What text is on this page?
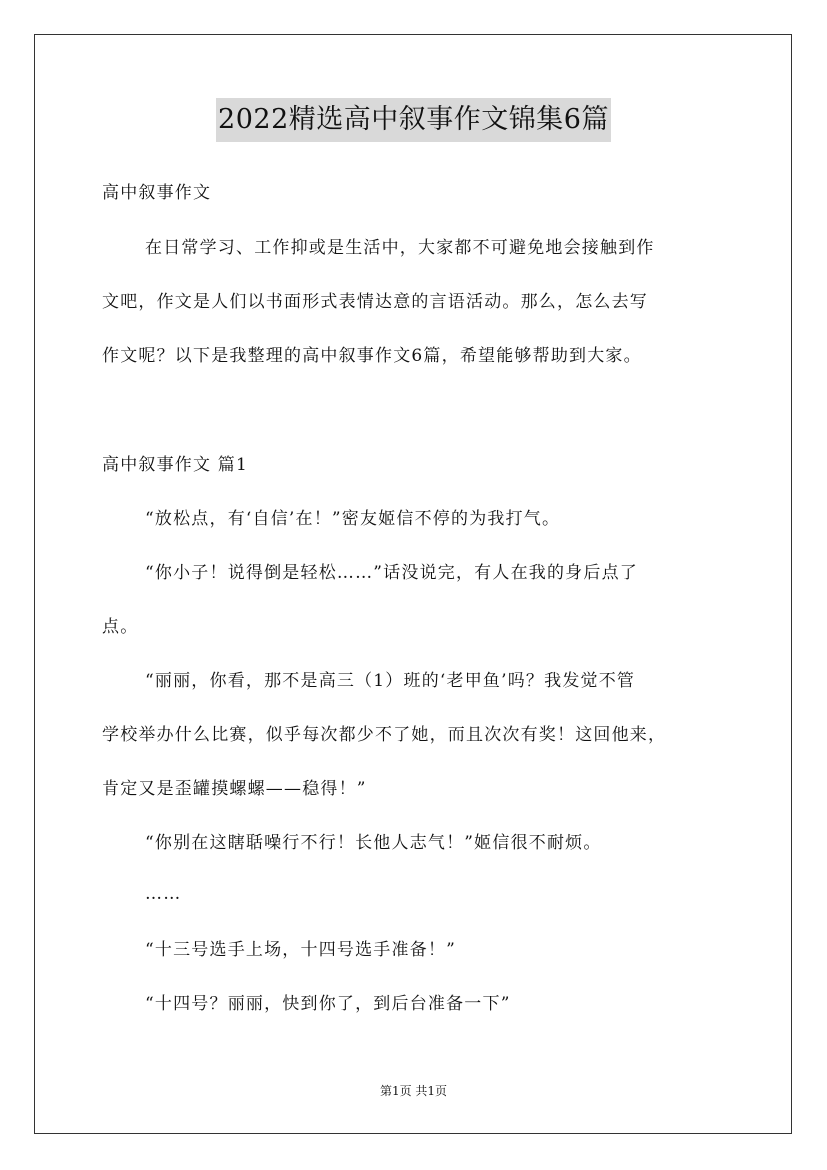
2022精选高中叙事作文锦集6篇
高中叙事作文
在日常学习、工作抑或是生活中，大家都不可避免地会接触到作
文吧，作文是人们以书面形式表情达意的言语活动。那么，怎么去写
作文呢？以下是我整理的高中叙事作文6篇，希望能够帮助到大家。
高中叙事作文 篇1
“放松点，有‘自信’在！”密友姬信不停的为我打气。
“你小子！说得倒是轻松……”话没说完，有人在我的身后点了
点。
“丽丽，你看，那不是高三（1）班的‘老甲鱼’吗？我发觉不管
学校举办什么比赛，似乎每次都少不了她，而且次次有奖！这回他来，
肯定又是歪罐摸螺螺——稳得！”
“你别在这瞎聒噪行不行！长他人志气！”姬信很不耐烦。
……
“十三号选手上场，十四号选手准备！”
“十四号？丽丽，快到你了，到后台准备一下”
第1页 共1页
